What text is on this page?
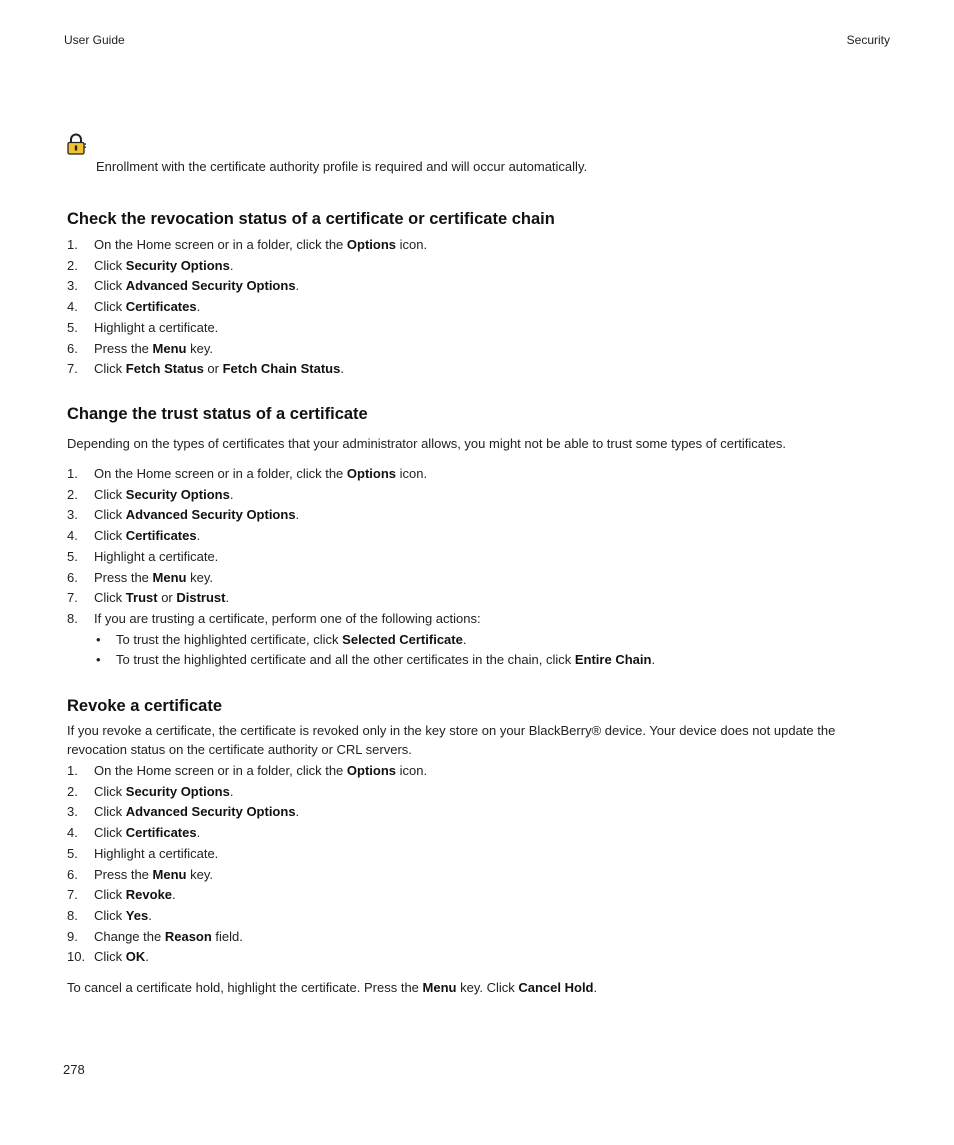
User Guide	Security
Enrollment with the certificate authority profile is required and will occur automatically.
Check the revocation status of a certificate or certificate chain
1. On the Home screen or in a folder, click the Options icon.
2. Click Security Options.
3. Click Advanced Security Options.
4. Click Certificates.
5. Highlight a certificate.
6. Press the Menu key.
7. Click Fetch Status or Fetch Chain Status.
Change the trust status of a certificate

Depending on the types of certificates that your administrator allows, you might not be able to trust some types of certificates.

1. On the Home screen or in a folder, click the Options icon.
2. Click Security Options.
3. Click Advanced Security Options.
4. Click Certificates.
5. Highlight a certificate.
6. Press the Menu key.
7. Click Trust or Distrust.
8. If you are trusting a certificate, perform one of the following actions:
• To trust the highlighted certificate, click Selected Certificate.
• To trust the highlighted certificate and all the other certificates in the chain, click Entire Chain.
Revoke a certificate

If you revoke a certificate, the certificate is revoked only in the key store on your BlackBerry® device. Your device does not update the revocation status on the certificate authority or CRL servers.

1. On the Home screen or in a folder, click the Options icon.
2. Click Security Options.
3. Click Advanced Security Options.
4. Click Certificates.
5. Highlight a certificate.
6. Press the Menu key.
7. Click Revoke.
8. Click Yes.
9. Change the Reason field.
10. Click OK.

To cancel a certificate hold, highlight the certificate. Press the Menu key. Click Cancel Hold.

278
